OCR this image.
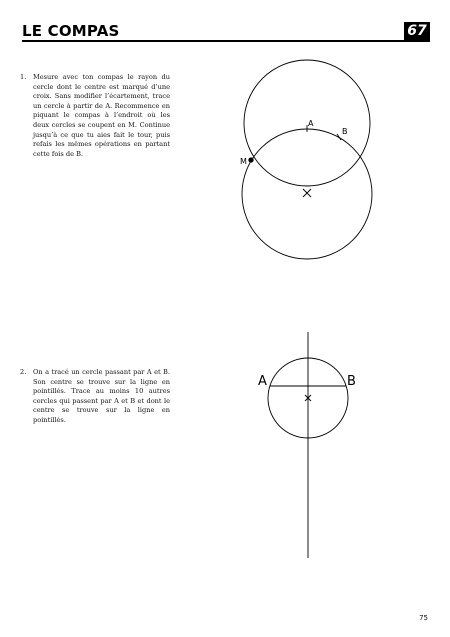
LE COMPAS	67
1. Mesure avec ton compas le rayon du cercle dont le centre est marqué d’une croix. Sans modifier l’écartement, trace un cercle à partir de A. Recommence en piquant le compas à l’endroit où les deux cercles se coupent en M. Continue jusqu’à ce que tu aies fait le tour, puis refais les mêmes opérations en partant cette fois de B.
2. On a tracé un cercle passant par A et B. Son centre se trouve sur la ligne en pointillés. Trace au moins 10 autres cercles qui passent par A et B et dont le centre se trouve sur la ligne en pointillés.
A
B
M
A	B
75
